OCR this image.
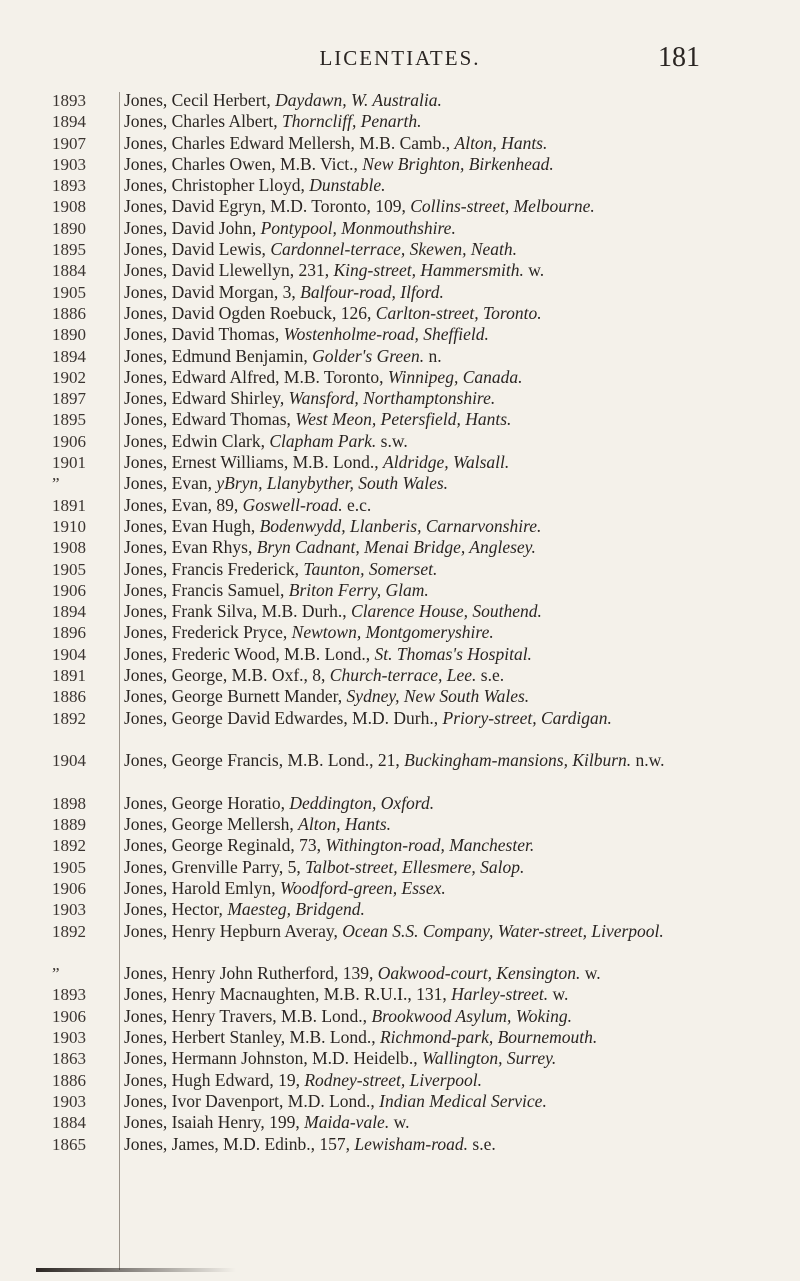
LICENTIATES.	181
1893	Jones, Cecil Herbert, Daydawn, W. Australia.
1894	Jones, Charles Albert, Thorncliff, Penarth.
1907	Jones, Charles Edward Mellersh, M.B. Camb., Alton, Hants.
1903	Jones, Charles Owen, M.B. Vict., New Brighton, Birkenhead.
1893	Jones, Christopher Lloyd, Dunstable.
1908	Jones, David Egryn, M.D. Toronto, 109, Collins-street, Melbourne.
1890	Jones, David John, Pontypool, Monmouthshire.
1895	Jones, David Lewis, Cardonnel-terrace, Skewen, Neath.
1884	Jones, David Llewellyn, 231, King-street, Hammersmith. w.
1905	Jones, David Morgan, 3, Balfour-road, Ilford.
1886	Jones, David Ogden Roebuck, 126, Carlton-street, Toronto.
1890	Jones, David Thomas, Wostenholme-road, Sheffield.
1894	Jones, Edmund Benjamin, Golder's Green. n.
1902	Jones, Edward Alfred, M.B. Toronto, Winnipeg, Canada.
1897	Jones, Edward Shirley, Wansford, Northamptonshire.
1895	Jones, Edward Thomas, West Meon, Petersfield, Hants.
1906	Jones, Edwin Clark, Clapham Park. s.w.
1901	Jones, Ernest Williams, M.B. Lond., Aldridge, Walsall.
”	Jones, Evan, yBryn, Llanybyther, South Wales.
1891	Jones, Evan, 89, Goswell-road. e.c.
1910	Jones, Evan Hugh, Bodenwydd, Llanberis, Carnarvonshire.
1908	Jones, Evan Rhys, Bryn Cadnant, Menai Bridge, Anglesey.
1905	Jones, Francis Frederick, Taunton, Somerset.
1906	Jones, Francis Samuel, Briton Ferry, Glam.
1894	Jones, Frank Silva, M.B. Durh., Clarence House, Southend.
1896	Jones, Frederick Pryce, Newtown, Montgomeryshire.
1904	Jones, Frederic Wood, M.B. Lond., St. Thomas's Hospital.
1891	Jones, George, M.B. Oxf., 8, Church-terrace, Lee. s.e.
1886	Jones, George Burnett Mander, Sydney, New South Wales.
1892	Jones, George David Edwardes, M.D. Durh., Priory-street, Cardigan.
1904	Jones, George Francis, M.B. Lond., 21, Buckingham-mansions, Kilburn. n.w.
1898	Jones, George Horatio, Deddington, Oxford.
1889	Jones, George Mellersh, Alton, Hants.
1892	Jones, George Reginald, 73, Withington-road, Manchester.
1905	Jones, Grenville Parry, 5, Talbot-street, Ellesmere, Salop.
1906	Jones, Harold Emlyn, Woodford-green, Essex.
1903	Jones, Hector, Maesteg, Bridgend.
1892	Jones, Henry Hepburn Averay, Ocean S.S. Company, Water-street, Liverpool.
”	Jones, Henry John Rutherford, 139, Oakwood-court, Kensington. w.
1893	Jones, Henry Macnaughten, M.B. R.U.I., 131, Harley-street. w.
1906	Jones, Henry Travers, M.B. Lond., Brookwood Asylum, Woking.
1903	Jones, Herbert Stanley, M.B. Lond., Richmond-park, Bournemouth.
1863	Jones, Hermann Johnston, M.D. Heidelb., Wallington, Surrey.
1886	Jones, Hugh Edward, 19, Rodney-street, Liverpool.
1903	Jones, Ivor Davenport, M.D. Lond., Indian Medical Service.
1884	Jones, Isaiah Henry, 199, Maida-vale. w.
1865	Jones, James, M.D. Edinb., 157, Lewisham-road. s.e.
